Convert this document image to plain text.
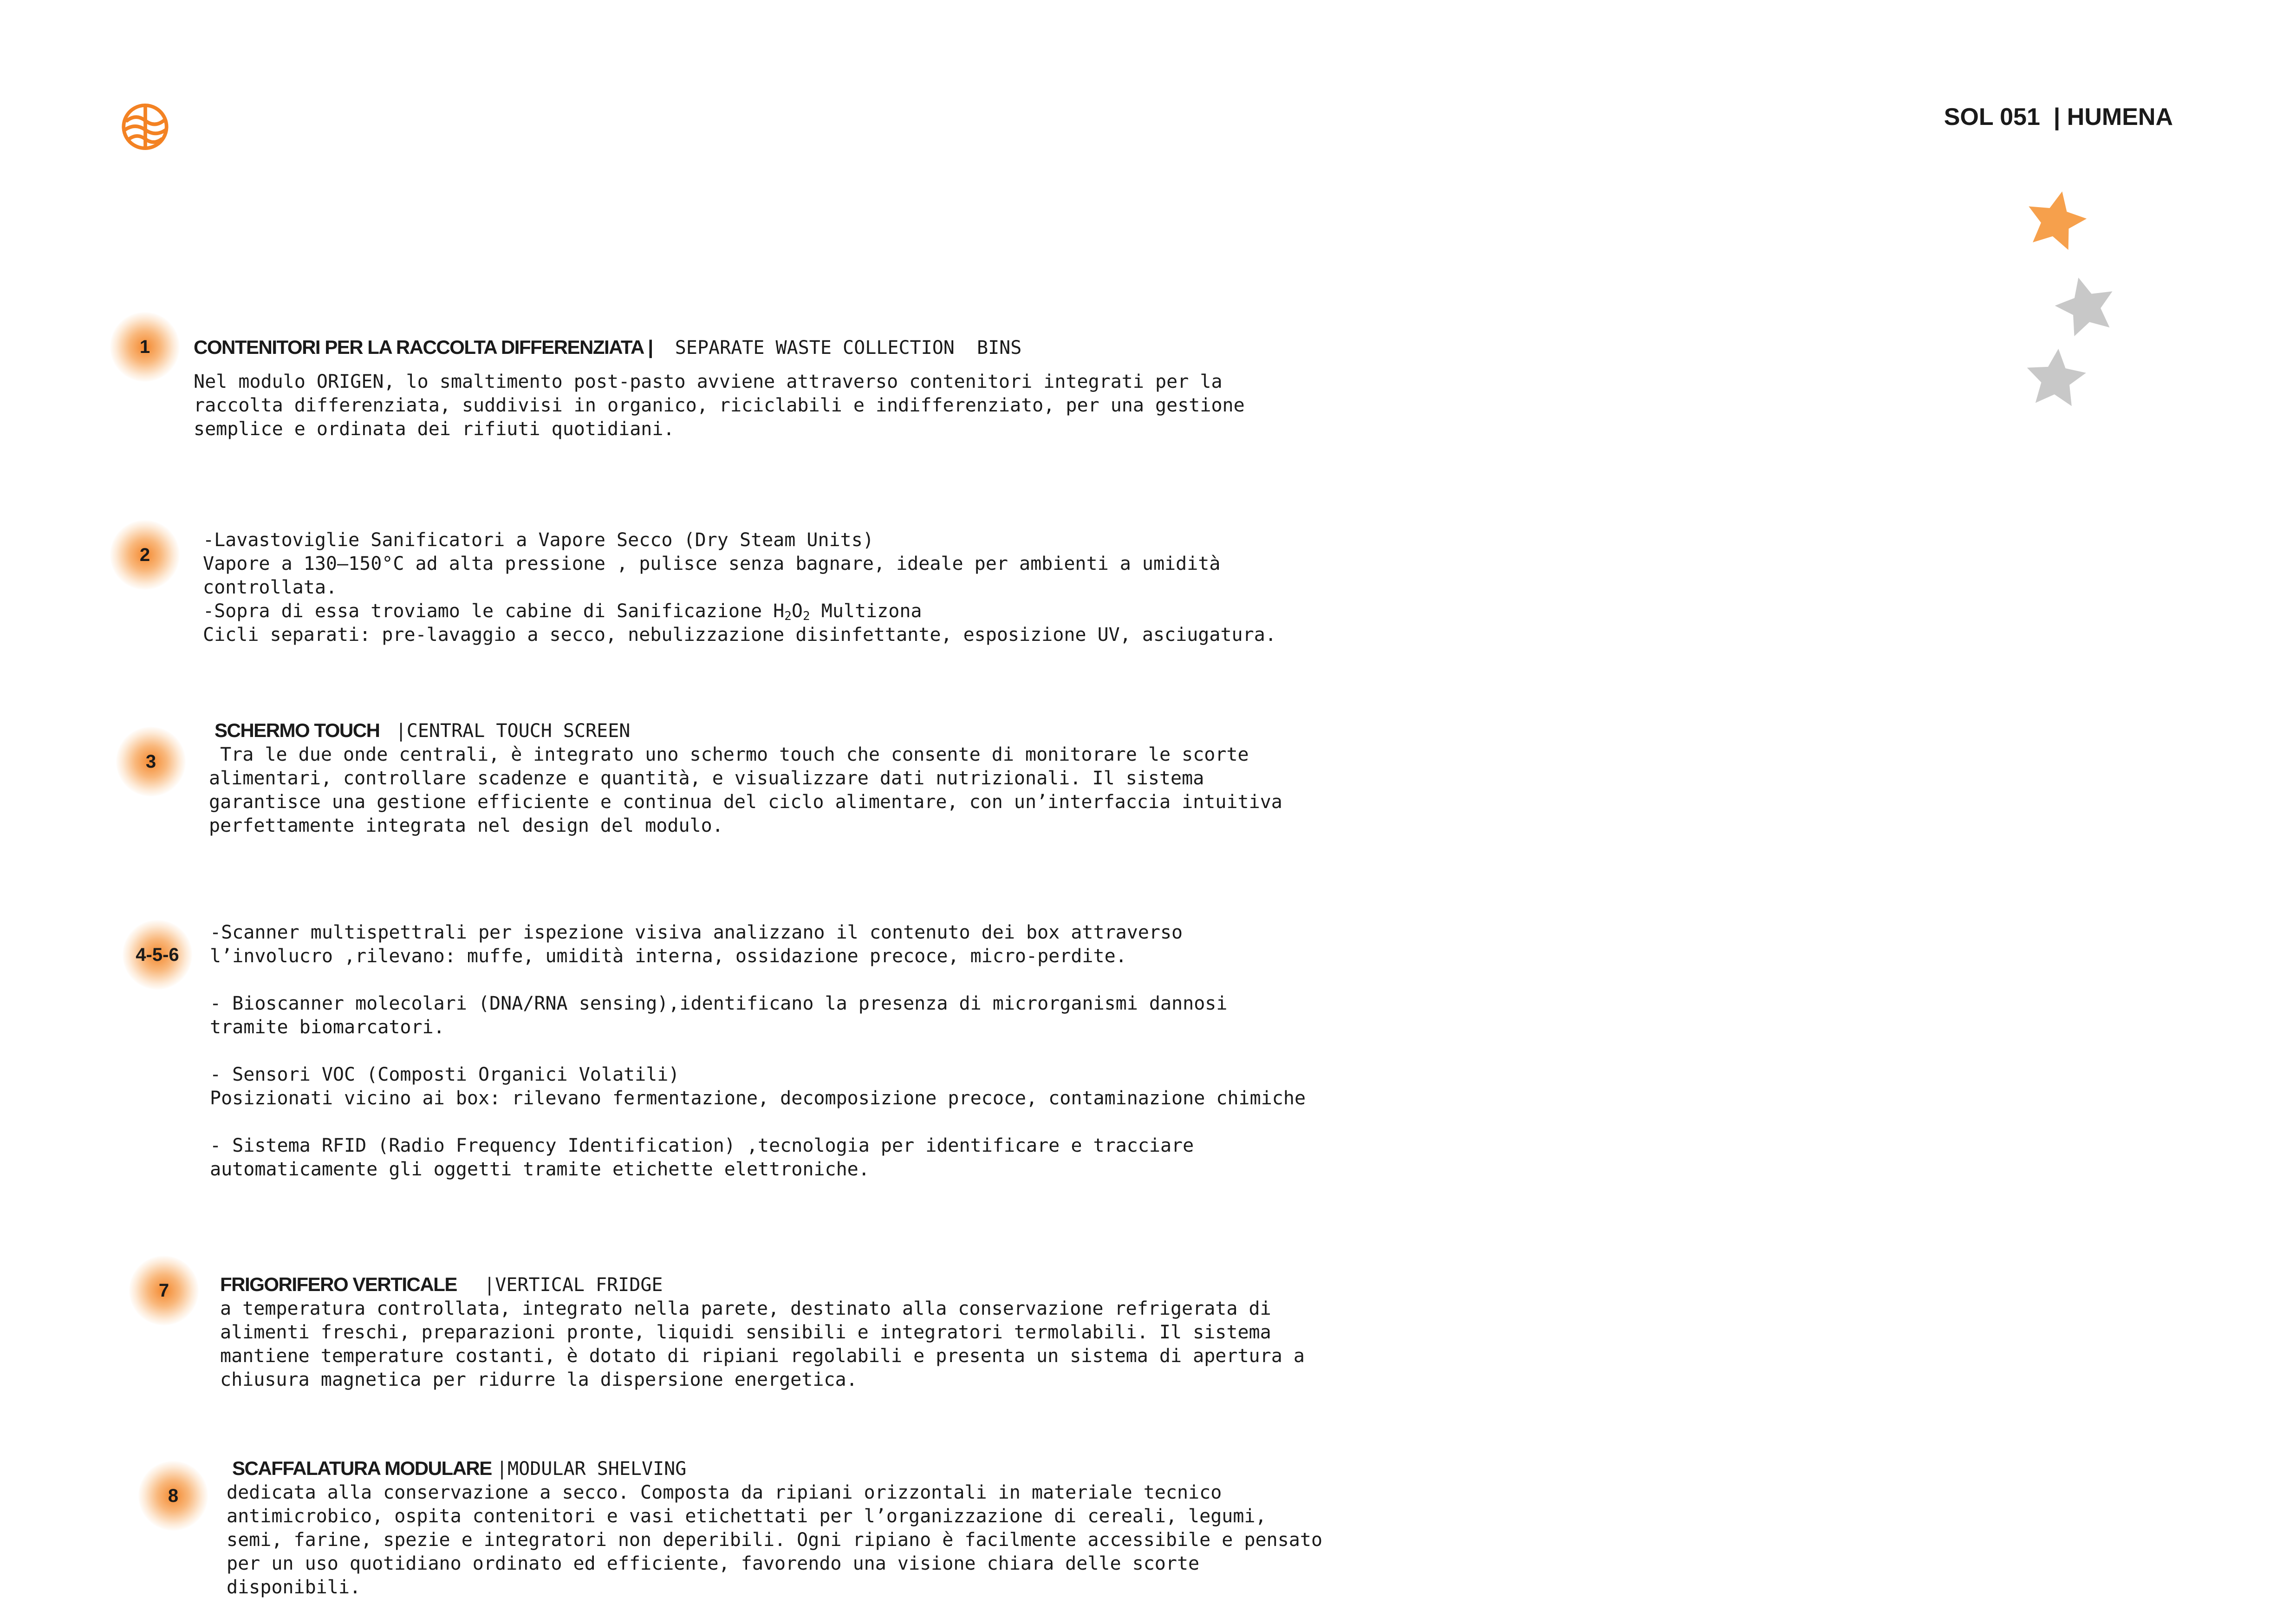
SOL 051  | HUMENA
1	CONTENITORI PER LA RACCOLTA DIFFERENZIATA |  SEPARATE WASTE COLLECTION  BINS
Nel modulo ORIGEN, lo smaltimento post-pasto avviene attraverso contenitori integrati per la
raccolta differenziata, suddivisi in organico, riciclabili e indifferenziato, per una gestione
semplice e ordinata dei rifiuti quotidiani.
2
-Lavastoviglie Sanificatori a Vapore Secco (Dry Steam Units)
Vapore a 130–150°C ad alta pressione , pulisce senza bagnare, ideale per ambienti a umidità
controllata.
-Sopra di essa troviamo le cabine di Sanificazione $H_2O_2$ Multizona
Cicli separati: pre-lavaggio a secco, nebulizzazione disinfettante, esposizione UV, asciugatura.
3
SCHERMO TOUCH  |CENTRAL TOUCH SCREEN
Tra le due onde centrali, è integrato uno schermo touch che consente di monitorare le scorte
alimentari, controllare scadenze e quantità, e visualizzare dati nutrizionali. Il sistema
garantisce una gestione efficiente e continua del ciclo alimentare, con un’interfaccia intuitiva
perfettamente integrata nel design del modulo.
4-5-6
-Scanner multispettrali per ispezione visiva analizzano il contenuto dei box attraverso
l’involucro ,rilevano: muffe, umidità interna, ossidazione precoce, micro-perdite.
- Bioscanner molecolari (DNA/RNA sensing),identificano la presenza di microrganismi dannosi
tramite biomarcatori.
- Sensori VOC (Composti Organici Volatili)
Posizionati vicino ai box: rilevano fermentazione, decomposizione precoce, contaminazione chimiche
- Sistema RFID (Radio Frequency Identification) ,tecnologia per identificare e tracciare
automaticamente gli oggetti tramite etichette elettroniche.
7	FRIGORIFERO VERTICALE   |VERTICAL FRIDGE
a temperatura controllata, integrato nella parete, destinato alla conservazione refrigerata di
alimenti freschi, preparazioni pronte, liquidi sensibili e integratori termolabili. Il sistema
mantiene temperature costanti, è dotato di ripiani regolabili e presenta un sistema di apertura a
chiusura magnetica per ridurre la dispersione energetica.
8
SCAFFALATURA MODULARE |MODULAR SHELVING
dedicata alla conservazione a secco. Composta da ripiani orizzontali in materiale tecnico
antimicrobico, ospita contenitori e vasi etichettati per l’organizzazione di cereali, legumi,
semi, farine, spezie e integratori non deperibili. Ogni ripiano è facilmente accessibile e pensato
per un uso quotidiano ordinato ed efficiente, favorendo una visione chiara delle scorte
disponibili.
